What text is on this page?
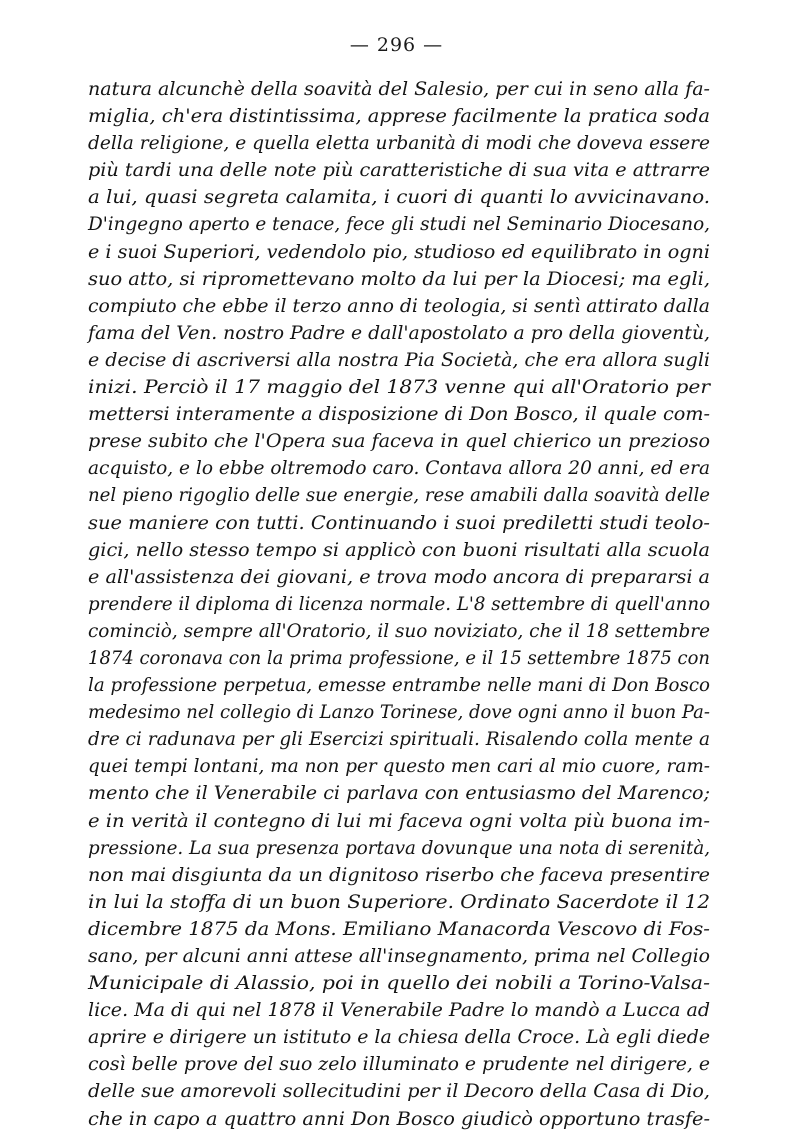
— 296 —
natura alcunchè della soavità del Salesio, per cui in seno alla fa-
miglia, ch'era distintissima, apprese facilmente la pratica soda
della religione, e quella eletta urbanità di modi che doveva essere
più tardi una delle note più caratteristiche di sua vita e attrarre
a lui, quasi segreta calamita, i cuori di quanti lo avvicinavano.
D'ingegno aperto e tenace, fece gli studi nel Seminario Diocesano,
e i suoi Superiori, vedendolo pio, studioso ed equilibrato in ogni
suo atto, si ripromettevano molto da lui per la Diocesi; ma egli,
compiuto che ebbe il terzo anno di teologia, si sentì attirato dalla
fama del Ven. nostro Padre e dall'apostolato a pro della gioventù,
e decise di ascriversi alla nostra Pia Società, che era allora sugli
inizi. Perciò il 17 maggio del 1873 venne qui all'Oratorio per
mettersi interamente a disposizione di Don Bosco, il quale com-
prese subito che l'Opera sua faceva in quel chierico un prezioso
acquisto, e lo ebbe oltremodo caro. Contava allora 20 anni, ed era
nel pieno rigoglio delle sue energie, rese amabili dalla soavità delle
sue maniere con tutti. Continuando i suoi prediletti studi teolo-
gici, nello stesso tempo si applicò con buoni risultati alla scuola
e all'assistenza dei giovani, e trova modo ancora di prepararsi a
prendere il diploma di licenza normale. L'8 settembre di quell'anno
cominciò, sempre all'Oratorio, il suo noviziato, che il 18 settembre
1874 coronava con la prima professione, e il 15 settembre 1875 con
la professione perpetua, emesse entrambe nelle mani di Don Bosco
medesimo nel collegio di Lanzo Torinese, dove ogni anno il buon Pa-
dre ci radunava per gli Esercizi spirituali. Risalendo colla mente a
quei tempi lontani, ma non per questo men cari al mio cuore, ram-
mento che il Venerabile ci parlava con entusiasmo del Marenco;
e in verità il contegno di lui mi faceva ogni volta più buona im-
pressione. La sua presenza portava dovunque una nota di serenità,
non mai disgiunta da un dignitoso riserbo che faceva presentire
in lui la stoffa di un buon Superiore. Ordinato Sacerdote il 12
dicembre 1875 da Mons. Emiliano Manacorda Vescovo di Fos-
sano, per alcuni anni attese all'insegnamento, prima nel Collegio
Municipale di Alassio, poi in quello dei nobili a Torino-Valsa-
lice. Ma di qui nel 1878 il Venerabile Padre lo mandò a Lucca ad
aprire e dirigere un istituto e la chiesa della Croce. Là egli diede
così belle prove del suo zelo illuminato e prudente nel dirigere, e
delle sue amorevoli sollecitudini per il Decoro della Casa di Dio,
che in capo a quattro anni Don Bosco giudicò opportuno trasfe-
